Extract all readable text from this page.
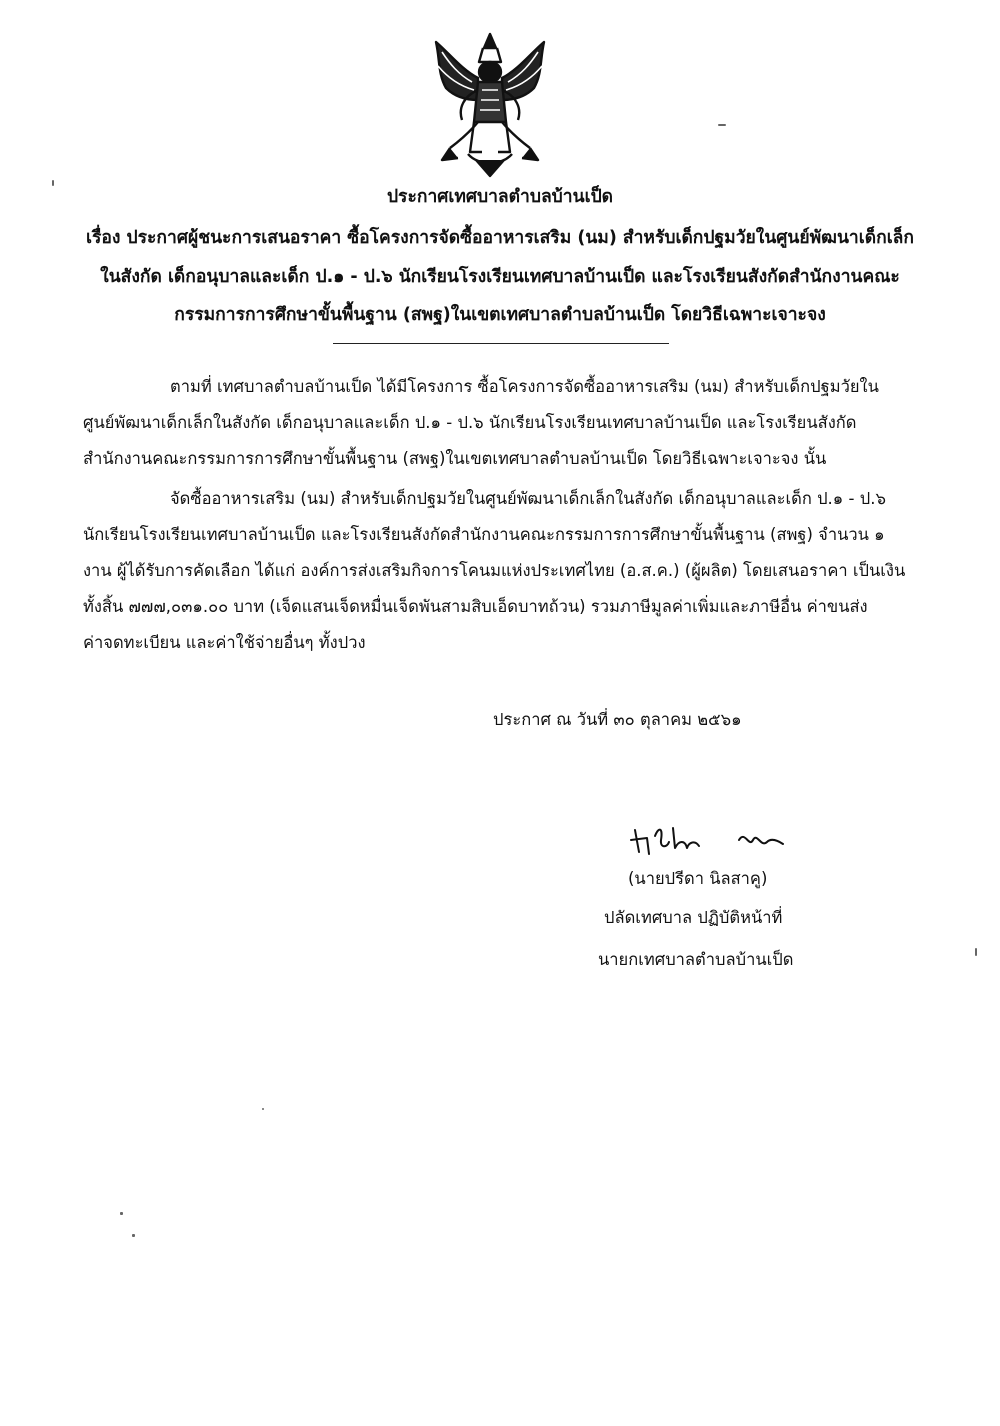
ประกาศเทศบาลตำบลบ้านเป็ด
เรื่อง ประกาศผู้ชนะการเสนอราคา ซื้อโครงการจัดซื้ออาหารเสริม (นม) สำหรับเด็กปฐมวัยในศูนย์พัฒนาเด็กเล็ก
ในสังกัด เด็กอนุบาลและเด็ก ป.๑ - ป.๖ นักเรียนโรงเรียนเทศบาลบ้านเป็ด และโรงเรียนสังกัดสำนักงานคณะ
กรรมการการศึกษาขั้นพื้นฐาน (สพฐ)ในเขตเทศบาลตำบลบ้านเป็ด โดยวิธีเฉพาะเจาะจง
ตามที่ เทศบาลตำบลบ้านเป็ด ได้มีโครงการ ซื้อโครงการจัดซื้ออาหารเสริม (นม) สำหรับเด็กปฐมวัยใน
ศูนย์พัฒนาเด็กเล็กในสังกัด เด็กอนุบาลและเด็ก ป.๑ - ป.๖ นักเรียนโรงเรียนเทศบาลบ้านเป็ด และโรงเรียนสังกัด
สำนักงานคณะกรรมการการศึกษาขั้นพื้นฐาน (สพฐ)ในเขตเทศบาลตำบลบ้านเป็ด โดยวิธีเฉพาะเจาะจง นั้น
จัดซื้ออาหารเสริม (นม) สำหรับเด็กปฐมวัยในศูนย์พัฒนาเด็กเล็กในสังกัด เด็กอนุบาลและเด็ก ป.๑ - ป.๖
นักเรียนโรงเรียนเทศบาลบ้านเป็ด และโรงเรียนสังกัดสำนักงานคณะกรรมการการศึกษาขั้นพื้นฐาน (สพฐ) จำนวน ๑
งาน ผู้ได้รับการคัดเลือก ได้แก่ องค์การส่งเสริมกิจการโคนมแห่งประเทศไทย (อ.ส.ค.) (ผู้ผลิต) โดยเสนอราคา เป็นเงิน
ทั้งสิ้น ๗๗๗,๐๓๑.๐๐ บาท (เจ็ดแสนเจ็ดหมื่นเจ็ดพันสามสิบเอ็ดบาทถ้วน) รวมภาษีมูลค่าเพิ่มและภาษีอื่น ค่าขนส่ง
ค่าจดทะเบียน และค่าใช้จ่ายอื่นๆ ทั้งปวง
ประกาศ ณ วันที่ ๓๐ ตุลาคม ๒๕๖๑
(นายปรีดา นิลสาคู)
ปลัดเทศบาล ปฏิบัติหน้าที่
นายกเทศบาลตำบลบ้านเป็ด
